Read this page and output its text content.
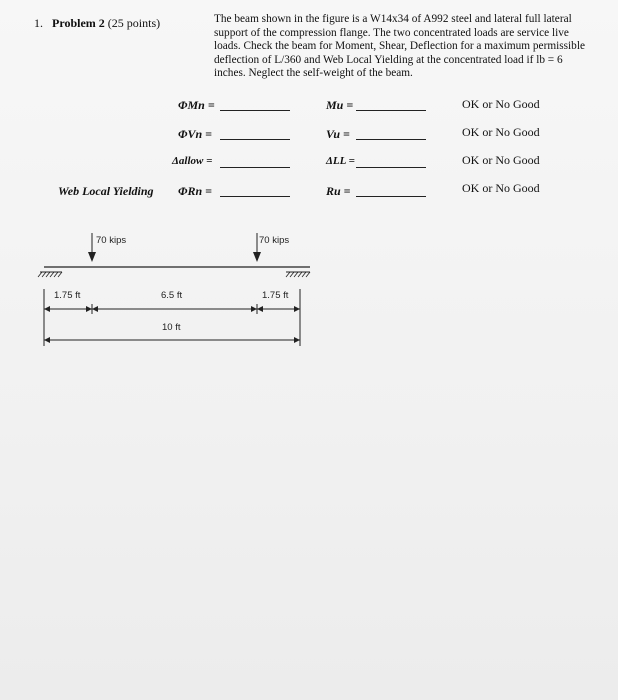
1. Problem 2 (25 points)	The beam shown in the figure is a W14x34 of A992 steel and lateral full lateral support of the compression flange. The two concentrated loads are service live loads. Check the beam for Moment, Shear, Deflection for a maximum permissible deflection of L/360 and Web Local Yielding at the concentrated load if lb = 6 inches. Neglect the self-weight of the beam.
ΦMn =	Mu =	OK or No Good
ΦVn =	Vu =	OK or No Good
Δallow =	ΔLL =	OK or No Good
Web Local Yielding ΦRn =	Ru =	OK or No Good
70 kips	70 kips
1.75 ft	6.5 ft	1.75 ft
10 ft
